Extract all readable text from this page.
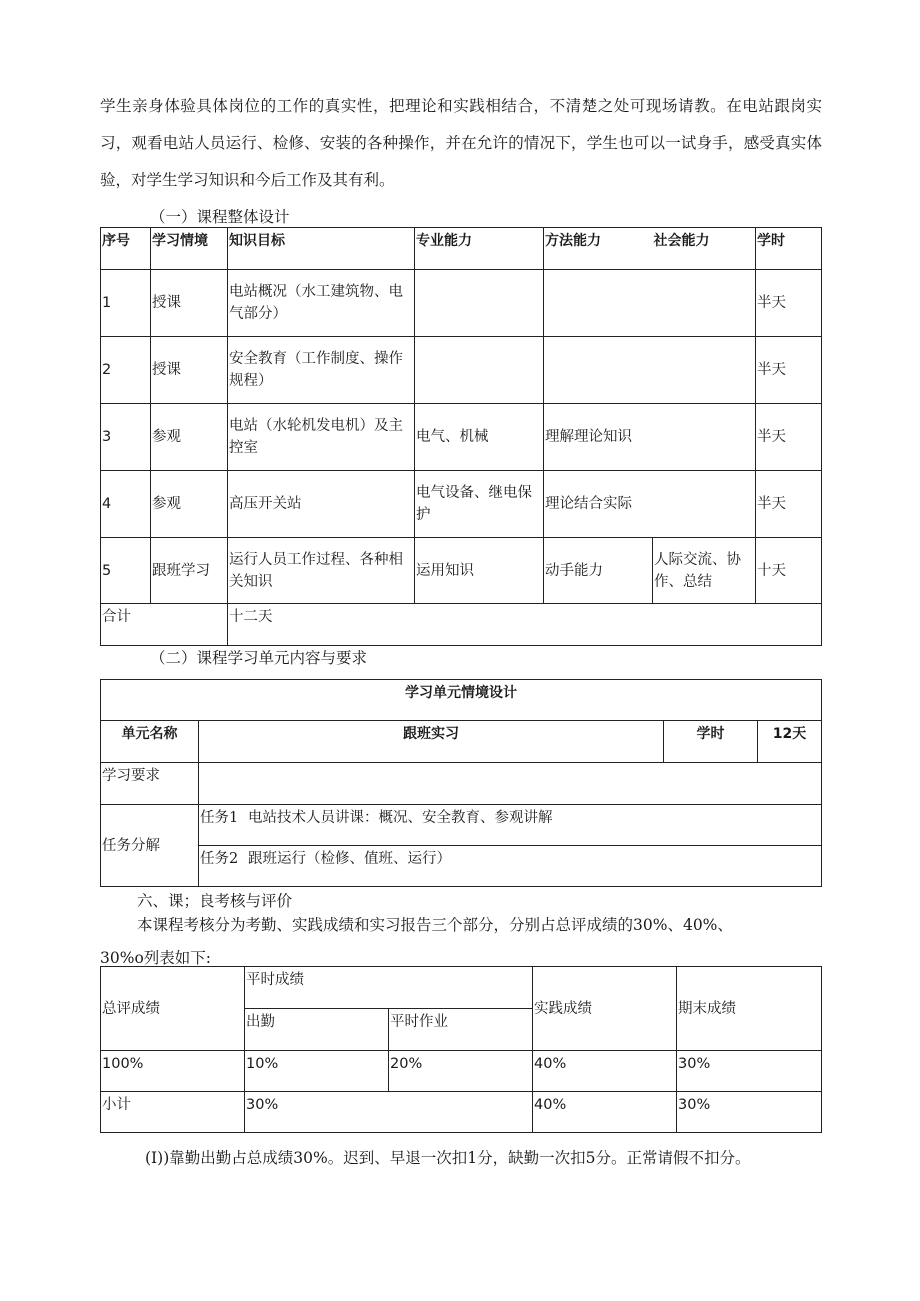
学生亲身体验具体岗位的工作的真实性，把理论和实践相结合，不清楚之处可现场请教。在电站跟岗实习，观看电站人员运行、检修、安装的各种操作，并在允许的情况下，学生也可以一试身手，感受真实体验，对学生学习知识和今后工作及其有利。

（一）课程整体设计

序号	学习情境	知识目标	专业能力	方法能力	社会能力	学时
1	授课	电站概况（水工建筑物、电气部分）				半天
2	授课	安全教育（工作制度、操作规程）				半天
3	参观	电站（水轮机发电机）及主控室	电气、机械	理解理论知识		半天
4	参观	高压开关站	电气设备、继电保护	理论结合实际		半天
5	跟班学习	运行人员工作过程、各种相关知识	运用知识	动手能力	人际交流、协作、总结	十天
合计		十二天				

（二）课程学习单元内容与要求

学习单元情境设计			
单元名称	跟班实习	学时	12天
学习要求			
任务分解	任务1 电站技术人员讲课：概况、安全教育、参观讲解		
	任务2 跟班运行（检修、值班、运行）		

六、课；良考核与评价

本课程考核分为考勤、实践成绩和实习报告三个部分，分别占总评成绩的30%、40%、

30%o列表如下:

总评成绩	平时成绩		实践成绩	期末成绩
	出勤	平时作业		
100%	10%	20%	40%	30%
小计	30%		40%	30%

(I))靠勤出勤占总成绩30%。迟到、早退一次扣1分，缺勤一次扣5分。正常请假不扣分。
